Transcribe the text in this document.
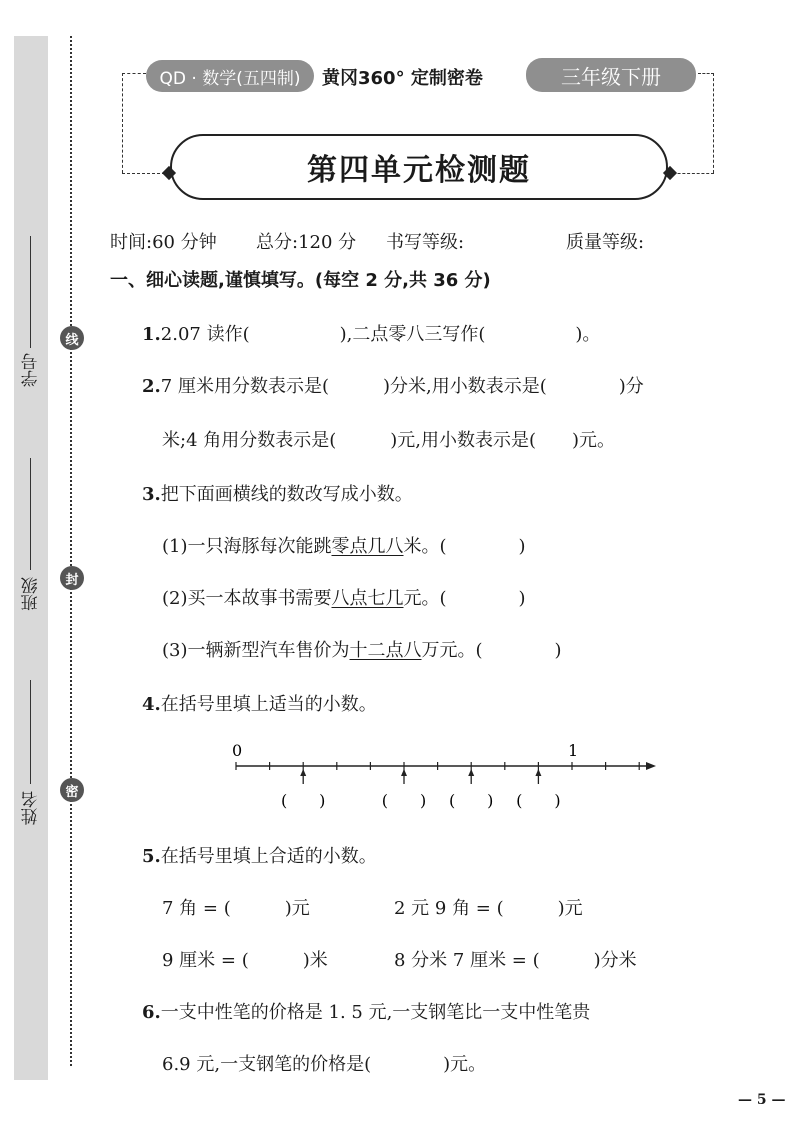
线
封
密
学号
班级
姓名
QD · 数学(五四制)	黄冈360° 定制密卷	三年级下册
第四单元检测题
时间:60 分钟 总分:120 分 书写等级:	质量等级:
一、细心读题,谨慎填写。(每空 2 分,共 36 分)
1.2.07 读作(　　　　　),二点零八三写作(　　　　　)。
2.7 厘米用分数表示是(　　　)分米,用小数表示是(　　　　)分
米;4 角用分数表示是(　　　)元,用小数表示是(　　)元。
3.把下面画横线的数改写成小数。
(1)一只海豚每次能跳零点几八米。(　　　　)
(2)买一本故事书需要八点七几元。(　　　　)
(3)一辆新型汽车售价为十二点八万元。(　　　　)
4.在括号里填上适当的小数。
0	1
(　　)	(　　) (　　) (　　)
5.在括号里填上合适的小数。
7 角 = (　　　)元	2 元 9 角 = (　　　)元
9 厘米 = (　　　)米	8 分米 7 厘米 = (　　　)分米
6.一支中性笔的价格是 1. 5 元,一支钢笔比一支中性笔贵
6.9 元,一支钢笔的价格是(　　　　)元。
— 5 —
